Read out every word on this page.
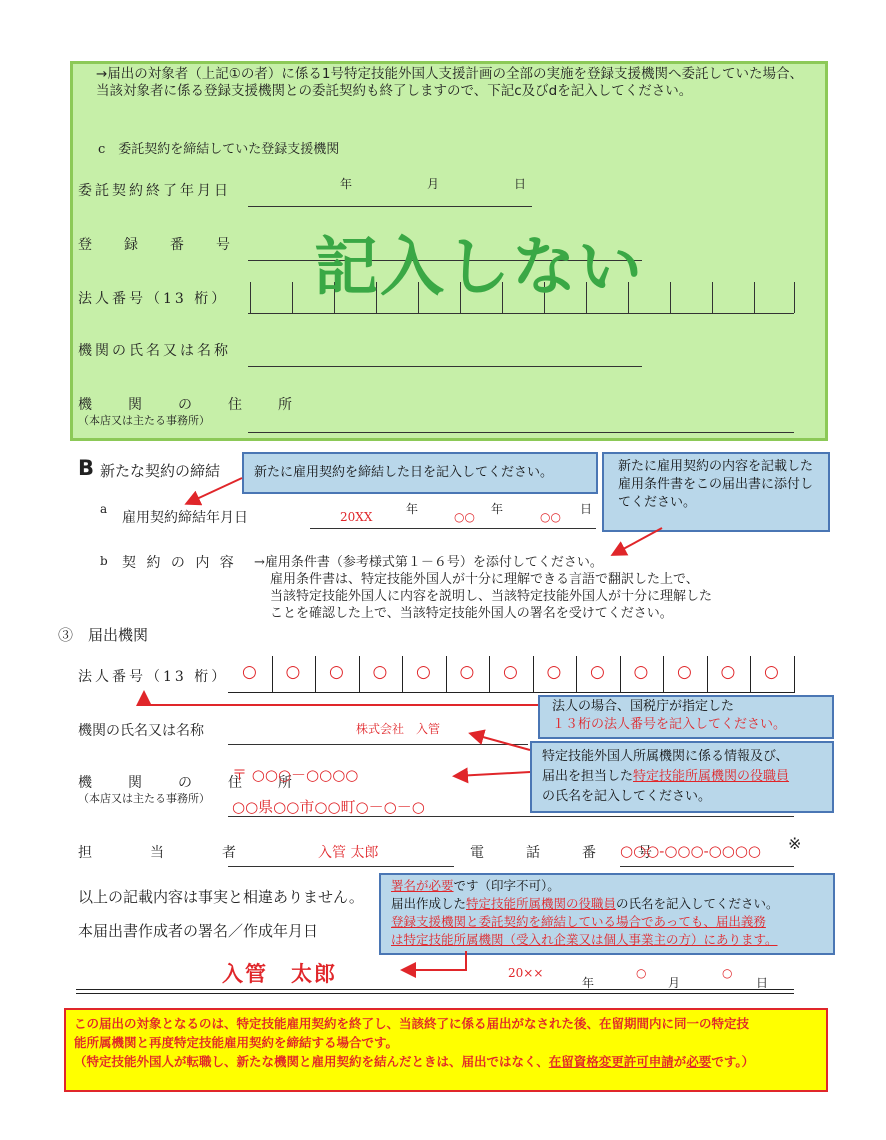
→届出の対象者（上記①の者）に係る1号特定技能外国人支援計画の全部の実施を登録支援機関へ委託していた場合、当該対象者に係る登録支援機関との委託契約も終了しますので、下記c及びdを記入してください。
c　委託契約を締結していた登録支援機関
委託契約終了年月日	年	月	日
登　録　番　号
法人番号（13 桁）
機関の氏名又は名称
機　関　の　住　所
（本店又は主たる事務所）
記入しない
B 新たな契約の締結	新たに雇用契約を締結した日を記入してください。	新たに雇用契約の内容を記載した雇用条件書をこの届出書に添付してください。
a
雇用契約締結年月日	20XX
年
○○
年
○○
日
b 契 約 の 内 容 →雇用条件書（参考様式第１－６号）を添付してください。
雇用条件書は、特定技能外国人が十分に理解できる言語で翻訳した上で、
当該特定技能外国人に内容を説明し、当該特定技能外国人が十分に理解した
ことを確認した上で、当該特定技能外国人の署名を受けてください。
③　届出機関
法人番号（13 桁） ○ ○ ○ ○ ○ ○ ○ ○ ○ ○ ○ ○ ○
法人の場合、国税庁が指定した
１３桁の法人番号を記入してください。
機関の氏名又は名称	株式会社　入管
特定技能外国人所属機関に係る情報及び、
届出を担当した特定技能所属機関の役職員
の氏名を記入してください。
機　関　の　住　所
（本店又は主たる事務所）
〒 ○○○－○○○○
○○県○○市○○町○－○－○
担　　　当　　　者	入管 太郎	電　話　番　号
○○○-○○○-○○○○ ※
以上の記載内容は事実と相違ありません。
本届出書作成者の署名／作成年月日
署名が必要です（印字不可）。
届出作成した特定技能所属機関の役職員の氏名を記入してください。
登録支援機関と委託契約を締結している場合であっても、届出義務
は特定技能所属機関（受入れ企業又は個人事業主の方）にあります。
入管　太郎	20××
年
○
月
○
日
この届出の対象となるのは、特定技能雇用契約を終了し、当該終了に係る届出がなされた後、在留期間内に同一の特定技
能所属機関と再度特定技能雇用契約を締結する場合です。
（特定技能外国人が転職し、新たな機関と雇用契約を結んだときは、届出ではなく、在留資格変更許可申請が必要です。）
